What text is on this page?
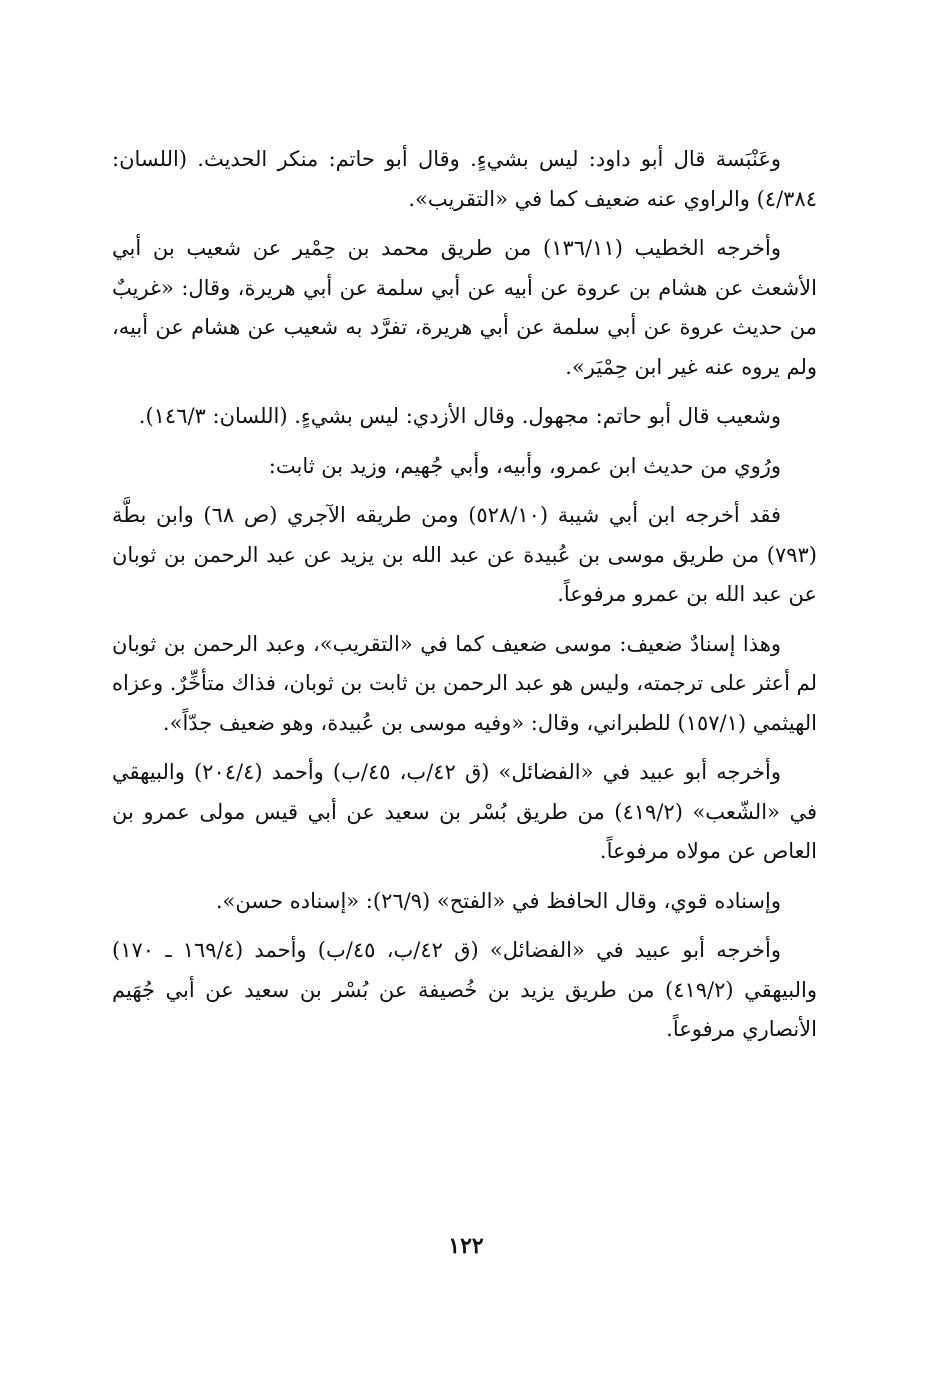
وعَنْبَسة قال أبو داود: ليس بشيءٍ. وقال أبو حاتم: منكر الحديث. (اللسان: ٤/٣٨٤) والراوي عنه ضعيف كما في «التقريب».

وأخرجه الخطيب (١٣٦/١١) من طريق محمد بن حِمْير عن شعيب بن أبي الأشعث عن هشام بن عروة عن أبيه عن أبي سلمة عن أبي هريرة، وقال: «غريبٌ من حديث عروة عن أبي سلمة عن أبي هريرة، تفرَّد به شعيب عن هشام عن أبيه، ولم يروه عنه غير ابن حِمْيَر».

وشعيب قال أبو حاتم: مجهول. وقال الأزدي: ليس بشيءٍ. (اللسان: ١٤٦/٣).

ورُوي من حديث ابن عمرو، وأبيه، وأبي جُهيم، وزيد بن ثابت:

فقد أخرجه ابن أبي شيبة (٥٢٨/١٠) ومن طريقه الآجري (ص ٦٨) وابن بطَّة (٧٩٣) من طريق موسى بن عُبيدة عن عبد الله بن يزيد عن عبد الرحمن بن ثوبان عن عبد الله بن عمرو مرفوعاً.

وهذا إسنادٌ ضعيف: موسى ضعيف كما في «التقريب»، وعبد الرحمن بن ثوبان لم أعثر على ترجمته، وليس هو عبد الرحمن بن ثابت بن ثوبان، فذاك متأخِّرٌ. وعزاه الهيثمي (١٥٧/١) للطبراني، وقال: «وفيه موسى بن عُبيدة، وهو ضعيف جدّاً».

وأخرجه أبو عبيد في «الفضائل» (ق ٤٢/ب، ٤٥/ب) وأحمد (٢٠٤/٤) والبيهقي في «الشّعب» (٤١٩/٢) من طريق بُسْر بن سعيد عن أبي قيس مولى عمرو بن العاص عن مولاه مرفوعاً.

وإسناده قوي، وقال الحافظ في «الفتح» (٢٦/٩): «إسناده حسن».

وأخرجه أبو عبيد في «الفضائل» (ق ٤٢/ب، ٤٥/ب) وأحمد (١٦٩/٤ ـ ١٧٠) والبيهقي (٤١٩/٢) من طريق يزيد بن خُصيفة عن بُسْر بن سعيد عن أبي جُهَيم الأنصاري مرفوعاً.

١٢٢
